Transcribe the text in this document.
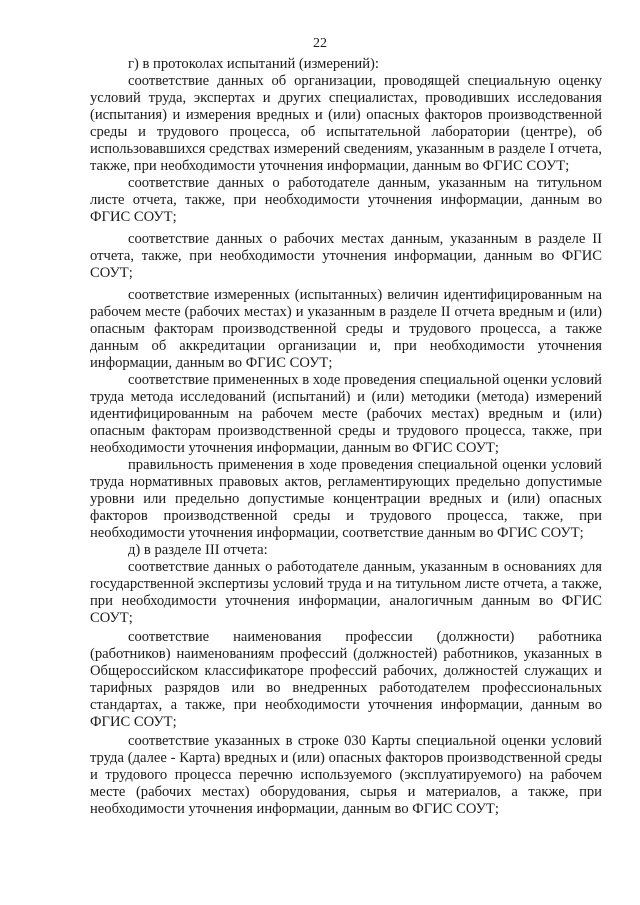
22

г) в протоколах испытаний (измерений):

соответствие данных об организации, проводящей специальную оценку условий труда, экспертах и других специалистах, проводивших исследования (испытания) и измерения вредных и (или) опасных факторов производственной среды и трудового процесса, об испытательной лаборатории (центре), об использовавшихся средствах измерений сведениям, указанным в разделе I отчета, также, при необходимости уточнения информации, данным во ФГИС СОУТ;

соответствие данных о работодателе данным, указанным на титульном листе отчета, также, при необходимости уточнения информации, данным во ФГИС СОУТ;

соответствие данных о рабочих местах данным, указанным в разделе II отчета, также, при необходимости уточнения информации, данным во ФГИС СОУТ;

соответствие измеренных (испытанных) величин идентифицированным на рабочем месте (рабочих местах) и указанным в разделе II отчета вредным и (или) опасным факторам производственной среды и трудового процесса, а также данным об аккредитации организации и, при необходимости уточнения информации, данным во ФГИС СОУТ;

соответствие примененных в ходе проведения специальной оценки условий труда метода исследований (испытаний) и (или) методики (метода) измерений идентифицированным на рабочем месте (рабочих местах) вредным и (или) опасным факторам производственной среды и трудового процесса, также, при необходимости уточнения информации, данным во ФГИС СОУТ;

правильность применения в ходе проведения специальной оценки условий труда нормативных правовых актов, регламентирующих предельно допустимые уровни или предельно допустимые концентрации вредных и (или) опасных факторов производственной среды и трудового процесса, также, при необходимости уточнения информации, соответствие данным во ФГИС СОУТ;

д) в разделе III отчета:

соответствие данных о работодателе данным, указанным в основаниях для государственной экспертизы условий труда и на титульном листе отчета, а также, при необходимости уточнения информации, аналогичным данным во ФГИС СОУТ;

соответствие наименования профессии (должности) работника (работников) наименованиям профессий (должностей) работников, указанных в Общероссийском классификаторе профессий рабочих, должностей служащих и тарифных разрядов или во внедренных работодателем профессиональных стандартах, а также, при необходимости уточнения информации, данным во ФГИС СОУТ;

соответствие указанных в строке 030 Карты специальной оценки условий труда (далее - Карта) вредных и (или) опасных факторов производственной среды и трудового процесса перечню используемого (эксплуатируемого) на рабочем месте (рабочих местах) оборудования, сырья и материалов, а также, при необходимости уточнения информации, данным во ФГИС СОУТ;
